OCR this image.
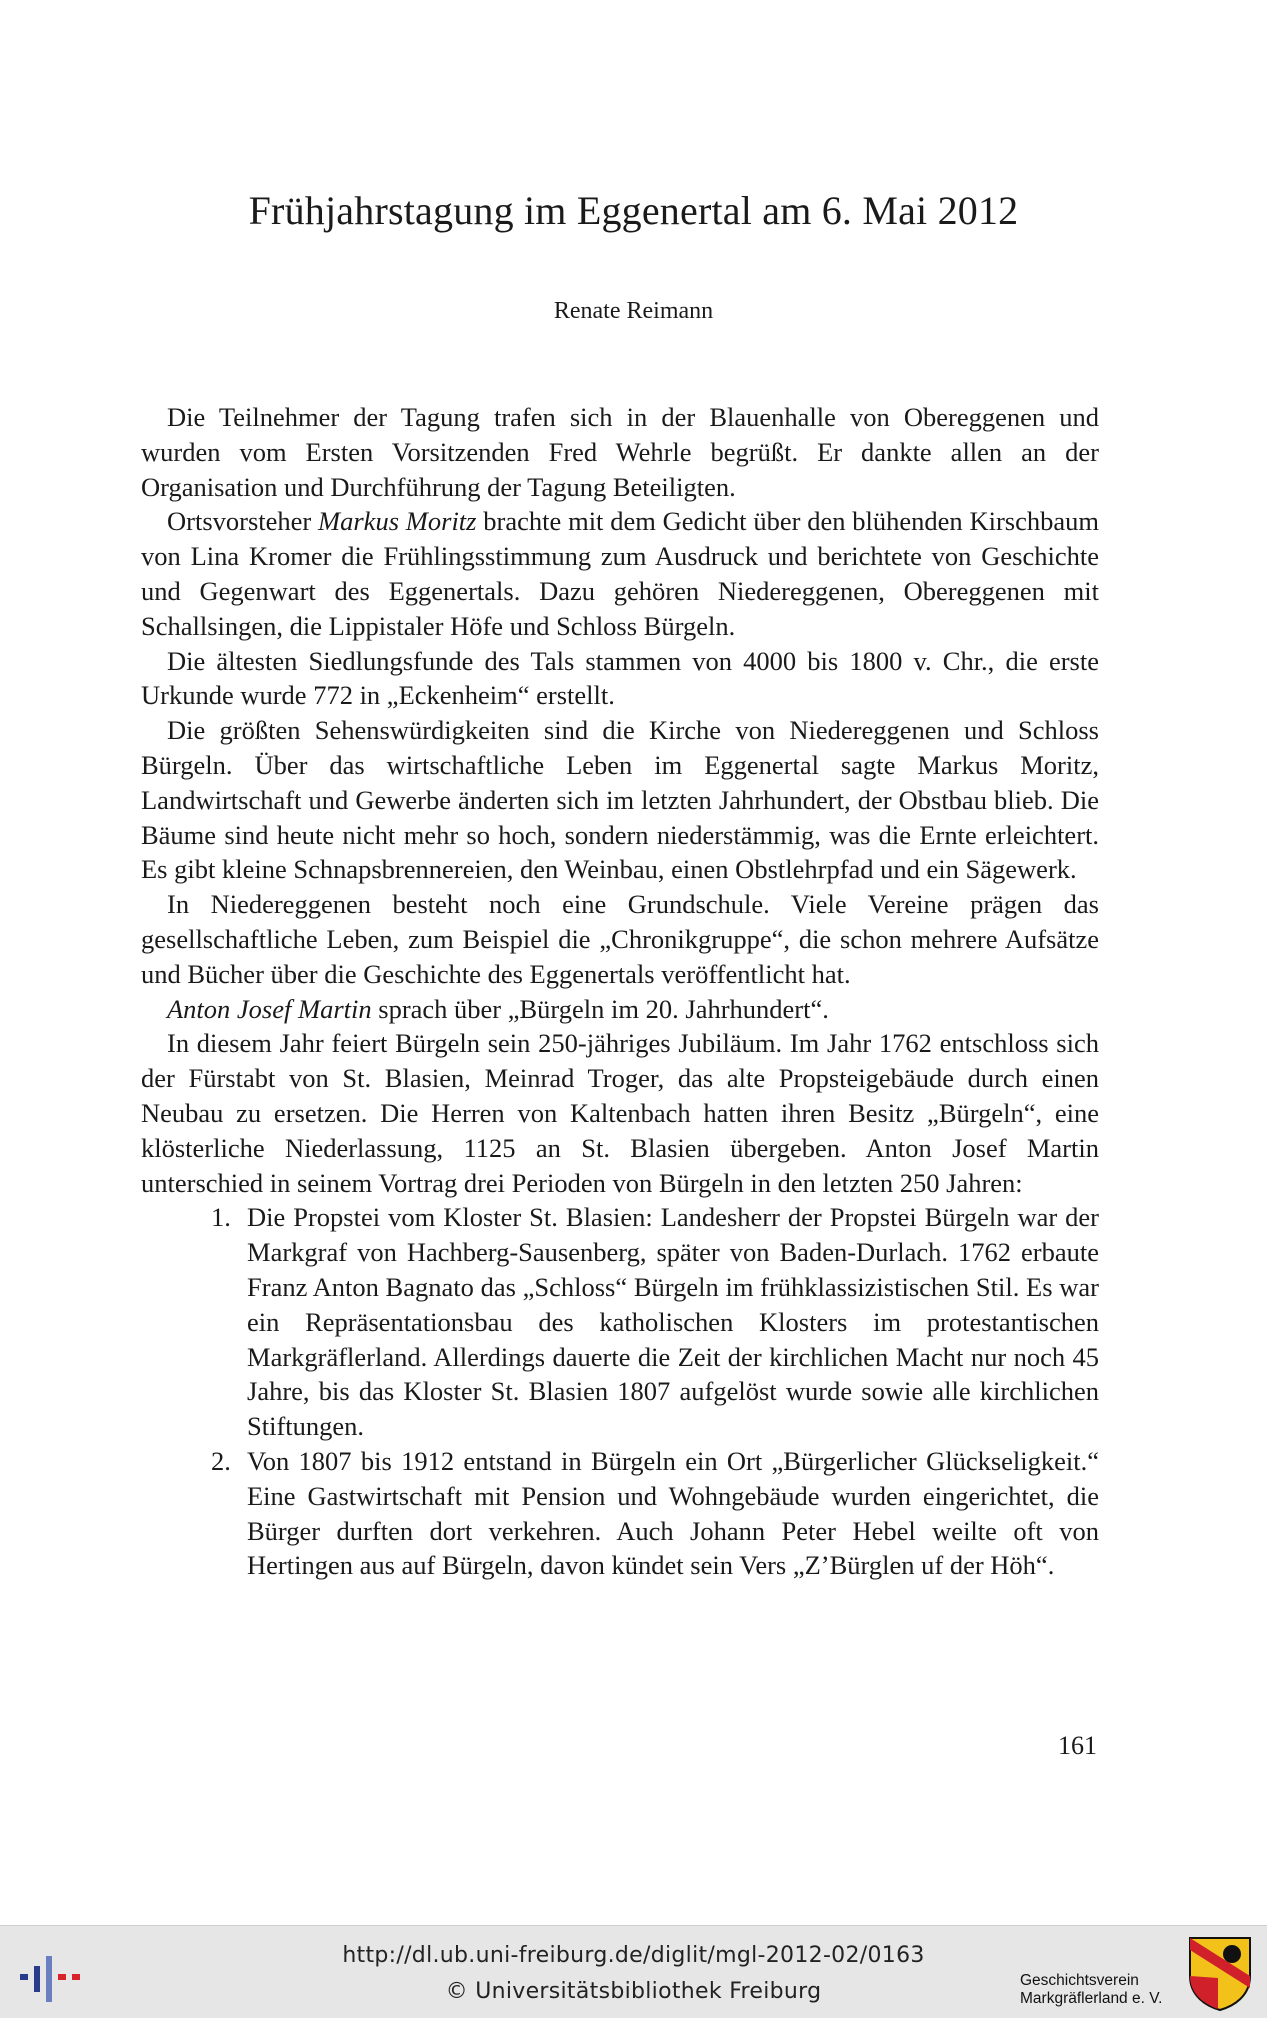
Frühjahrstagung im Eggenertal am 6. Mai 2012
Renate Reimann

Die Teilnehmer der Tagung trafen sich in der Blauenhalle von Obereggenen und wurden vom Ersten Vorsitzenden Fred Wehrle begrüßt. Er dankte allen an der Organisation und Durchführung der Tagung Beteiligten.

Ortsvorsteher Markus Moritz brachte mit dem Gedicht über den blühenden Kirschbaum von Lina Kromer die Frühlingsstimmung zum Ausdruck und berichtete von Geschichte und Gegenwart des Eggenertals. Dazu gehören Niedereggenen, Obereggenen mit Schallsingen, die Lippistaler Höfe und Schloss Bürgeln.

Die ältesten Siedlungsfunde des Tals stammen von 4000 bis 1800 v. Chr., die erste Urkunde wurde 772 in „Eckenheim“ erstellt.

Die größten Sehenswürdigkeiten sind die Kirche von Niedereggenen und Schloss Bürgeln. Über das wirtschaftliche Leben im Eggenertal sagte Markus Moritz, Landwirtschaft und Gewerbe änderten sich im letzten Jahrhundert, der Obstbau blieb. Die Bäume sind heute nicht mehr so hoch, sondern niederstämmig, was die Ernte erleichtert. Es gibt kleine Schnapsbrennereien, den Weinbau, einen Obstlehrpfad und ein Sägewerk.

In Niedereggenen besteht noch eine Grundschule. Viele Vereine prägen das gesellschaftliche Leben, zum Beispiel die „Chronikgruppe“, die schon mehrere Aufsätze und Bücher über die Geschichte des Eggenertals veröffentlicht hat.

Anton Josef Martin sprach über „Bürgeln im 20. Jahrhundert“.

In diesem Jahr feiert Bürgeln sein 250-jähriges Jubiläum. Im Jahr 1762 entschloss sich der Fürstabt von St. Blasien, Meinrad Troger, das alte Propsteigebäude durch einen Neubau zu ersetzen. Die Herren von Kaltenbach hatten ihren Besitz „Bürgeln“, eine klösterliche Niederlassung, 1125 an St. Blasien übergeben. Anton Josef Martin unterschied in seinem Vortrag drei Perioden von Bürgeln in den letzten 250 Jahren:

1. Die Propstei vom Kloster St. Blasien: Landesherr der Propstei Bürgeln war der Markgraf von Hachberg-Sausenberg, später von Baden-Durlach. 1762 erbaute Franz Anton Bagnato das „Schloss“ Bürgeln im frühklassizistischen Stil. Es war ein Repräsentationsbau des katholischen Klosters im protestantischen Markgräflerland. Allerdings dauerte die Zeit der kirchlichen Macht nur noch 45 Jahre, bis das Kloster St. Blasien 1807 aufgelöst wurde sowie alle kirchlichen Stiftungen.
2. Von 1807 bis 1912 entstand in Bürgeln ein Ort „Bürgerlicher Glückseligkeit.“ Eine Gastwirtschaft mit Pension und Wohngebäude wurden eingerichtet, die Bürger durften dort verkehren. Auch Johann Peter Hebel weilte oft von Hertingen aus auf Bürgeln, davon kündet sein Vers „Z’Bürglen uf der Höh“.
161
http://dl.ub.uni-freiburg.de/diglit/mgl-2012-02/0163
© Universitätsbibliothek Freiburg	Geschichtsverein
Markgräflerland e. V.
